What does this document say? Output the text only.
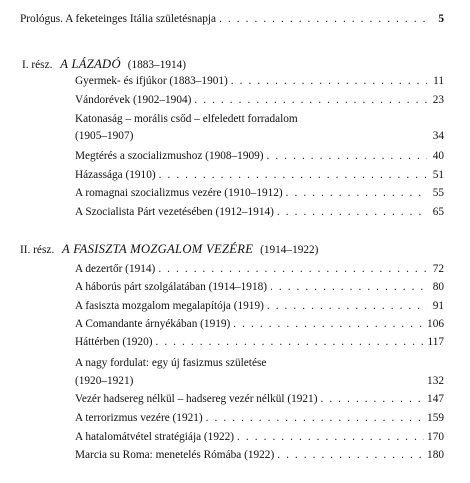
Prológus. A feketeinges Itália születésnapja . . .	5
I. rész. A LÁZADÓ (1883–1914)
Gyermek- és ifjúkor (1883–1901) . . .	11
Vándorévek (1902–1904) . . .	23
Katonaság – morális csőd – elfeledett forradalom
(1905–1907)	34
Megtérés a szocializmushoz (1908–1909) . . .	40
Házassága (1910) . . .	51
A romagnai szocializmus vezére (1910–1912) . . .	55
A Szocialista Párt vezetésében (1912–1914) . . .	65
II. rész. A FASISZTA MOZGALOM VEZÉRE (1914–1922)
A dezertőr (1914) . . .	72
A háborús párt szolgálatában (1914–1918) . . .	80
A fasiszta mozgalom megalapítója (1919) . . .	91
A Comandante árnyékában (1919) . . .	106
Háttérben (1920) . . .	117
A nagy fordulat: egy új fasizmus születése
(1920–1921)	132
Vezér hadsereg nélkül – hadsereg vezér nélkül (1921) . . .	147
A terrorizmus vezére (1921) . . .	159
A hatalomátvétel stratégiája (1922) . . .	170
Marcia su Roma: menetelés Rómába (1922) . . .	180
